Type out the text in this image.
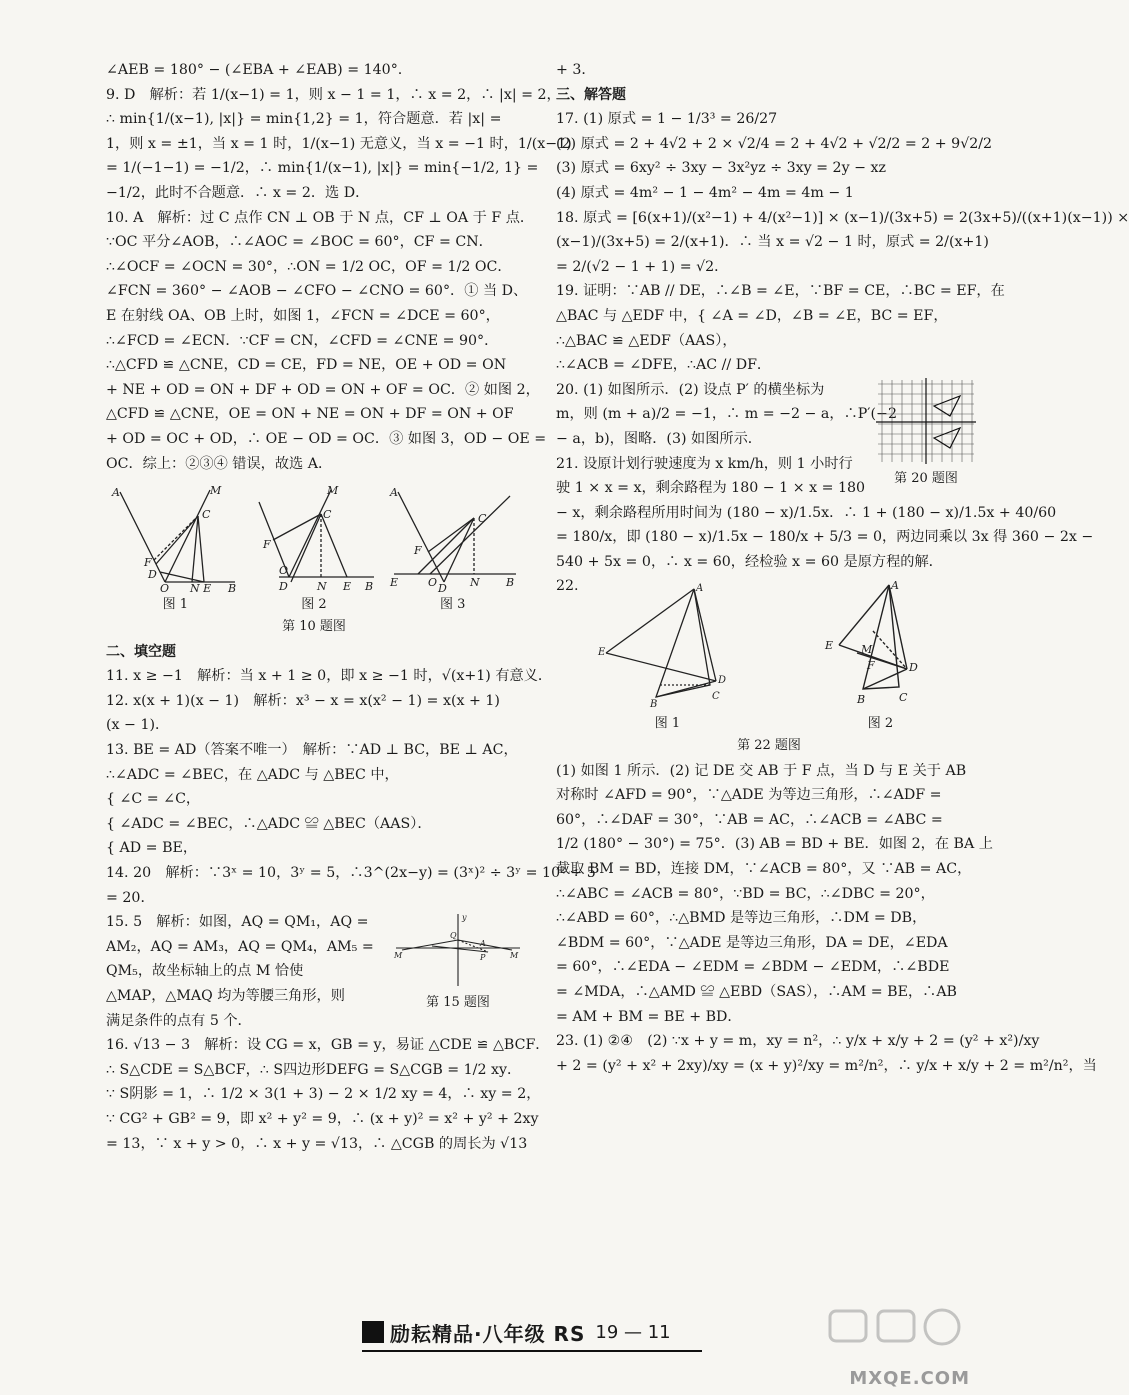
∠AEB = 180° − (∠EBA + ∠EAB) = 140°.
9. D　解析：若 1/(x−1) = 1，则 x − 1 = 1，∴ x = 2，∴ |x| = 2，
∴ min{1/(x−1), |x|} = min{1,2} = 1，符合题意．若 |x| =
1，则 x = ±1，当 x = 1 时，1/(x−1) 无意义，当 x = −1 时，1/(x−1)
= 1/(−1−1) = −1/2，∴ min{1/(x−1), |x|} = min{−1/2, 1} =
−1/2，此时不合题意．∴ x = 2．选 D．
10. A　解析：过 C 点作 CN ⊥ OB 于 N 点，CF ⊥ OA 于 F 点．
∵OC 平分∠AOB，∴∠AOC = ∠BOC = 60°，CF = CN．
∴∠OCF = ∠OCN = 30°，∴ON = 1/2 OC，OF = 1/2 OC．
∠FCN = 360° − ∠AOB − ∠CFO − ∠CNO = 60°．① 当 D、
E 在射线 OA、OB 上时，如图 1，∠FCN = ∠DCE = 60°，
∴∠FCD = ∠ECN．∵CF = CN，∠CFD = ∠CNE = 90°．
∴△CFD ≌ △CNE，CD = CE，FD = NE，OE + OD = ON
+ NE + OD = ON + DF + OD = ON + OF = OC．② 如图 2，
△CFD ≌ △CNE，OE = ON + NE = ON + DF = ON + OF
+ OD = OC + OD，∴ OE − OD = OC．③ 如图 3，OD − OE =
OC．综上：②③④ 错误，故选 A．
A	M
C
F
D
O N E B
图 1
M
C
F
O
D	N E B
图 2
A
C
F
E	O D N B
图 3
第 10 题图
二、填空题
11. x ≥ −1　解析：当 x + 1 ≥ 0，即 x ≥ −1 时，√(x+1) 有意义．
12. x(x + 1)(x − 1)　解析：x³ − x = x(x² − 1) = x(x + 1)
(x − 1)．
13. BE = AD（答案不唯一）　解析：∵AD ⊥ BC，BE ⊥ AC，
∴∠ADC = ∠BEC，在 △ADC 与 △BEC 中，
{ ∠C = ∠C，
{ ∠ADC = ∠BEC，∴△ADC ≌ △BEC（AAS）．
{ AD = BE，
14. 20　解析：∵3ˣ = 10，3ʸ = 5，∴3^(2x−y) = (3ˣ)² ÷ 3ʸ = 10² ÷ 5
= 20．
15. 5　解析：如图，AQ = QM₁，AQ =
AM₂，AQ = AM₃，AQ = QM₄，AM₅ =
QM₅，故坐标轴上的点 M 恰使
△MAP，△MAQ 均为等腰三角形，则
满足条件的点有 5 个．
Q
A
P
M	M
y
第 15 题图
16. √13 − 3　解析：设 CG = x，GB = y，易证 △CDE ≌ △BCF．
∴ S△CDE = S△BCF，∴ S四边形DEFG = S△CGB = 1/2 xy．
∵ S阴影 = 1，∴ 1/2 × 3(1 + 3) − 2 × 1/2 xy = 4，∴ xy = 2，
∵ CG² + GB² = 9，即 x² + y² = 9，∴ (x + y)² = x² + y² + 2xy
= 13，∵ x + y > 0，∴ x + y = √13，∴ △CGB 的周长为 √13
+ 3．
三、解答题
17. (1) 原式 = 1 − 1/3³ = 26/27
(2) 原式 = 2 + 4√2 + 2 × √2/4 = 2 + 4√2 + √2/2 = 2 + 9√2/2
(3) 原式 = 6xy² ÷ 3xy − 3x²yz ÷ 3xy = 2y − xz
(4) 原式 = 4m² − 1 − 4m² − 4m = 4m − 1
18. 原式 = [6(x+1)/(x²−1) + 4/(x²−1)] × (x−1)/(3x+5) = 2(3x+5)/((x+1)(x−1)) ×
(x−1)/(3x+5) = 2/(x+1)．∴ 当 x = √2 − 1 时，原式 = 2/(x+1)
= 2/(√2 − 1 + 1) = √2．
19. 证明：∵AB // DE，∴∠B = ∠E，∵BF = CE，∴BC = EF，在
△BAC 与 △EDF 中，{ ∠A = ∠D，∠B = ∠E，BC = EF，
∴△BAC ≌ △EDF（AAS），
∴∠ACB = ∠DFE，∴AC // DF．
20. (1) 如图所示．(2) 设点 P′ 的横坐标为
m，则 (m + a)/2 = −1，∴ m = −2 − a，∴P′(−2
− a，b)，图略．(3) 如图所示．
21. 设原计划行驶速度为 x km/h，则 1 小时行
第 20 题图
驶 1 × x = x，剩余路程为 180 − 1 × x = 180
− x，剩余路程所用时间为 (180 − x)/1.5x．∴ 1 + (180 − x)/1.5x + 40/60
= 180/x，即 (180 − x)/1.5x − 180/x + 5/3 = 0，两边同乘以 3x 得 360 − 2x −
540 + 5x = 0，∴ x = 60，经检验 x = 60 是原方程的解．
22.	A
E
D
B
C
图 1
A
E	M
F	D
B	C
图 2
第 22 题图
(1) 如图 1 所示．(2) 记 DE 交 AB 于 F 点，当 D 与 E 关于 AB
对称时 ∠AFD = 90°，∵△ADE 为等边三角形，∴∠ADF =
60°，∴∠DAF = 30°，∵AB = AC，∴∠ACB = ∠ABC =
1/2 (180° − 30°) = 75°．(3) AB = BD + BE．如图 2，在 BA 上
截取 BM = BD，连接 DM，∵∠ACB = 80°，又 ∵AB = AC，
∴∠ABC = ∠ACB = 80°，∵BD = BC，∴∠DBC = 20°，
∴∠ABD = 60°，∴△BMD 是等边三角形，∴DM = DB，
∠BDM = 60°，∵△ADE 是等边三角形，DA = DE，∠EDA
= 60°，∴∠EDA − ∠EDM = ∠BDM − ∠EDM，∴∠BDE
= ∠MDA，∴△AMD ≌ △EBD（SAS），∴AM = BE，∴AB
= AM + BM = BE + BD．
23. (1) ②④　(2) ∵x + y = m，xy = n²，∴ y/x + x/y + 2 = (y² + x²)/xy
+ 2 = (y² + x² + 2xy)/xy = (x + y)²/xy = m²/n²，∴ y/x + x/y + 2 = m²/n²，当
励耘精品·八年级 RS 19 — 11
MXQE.COM
